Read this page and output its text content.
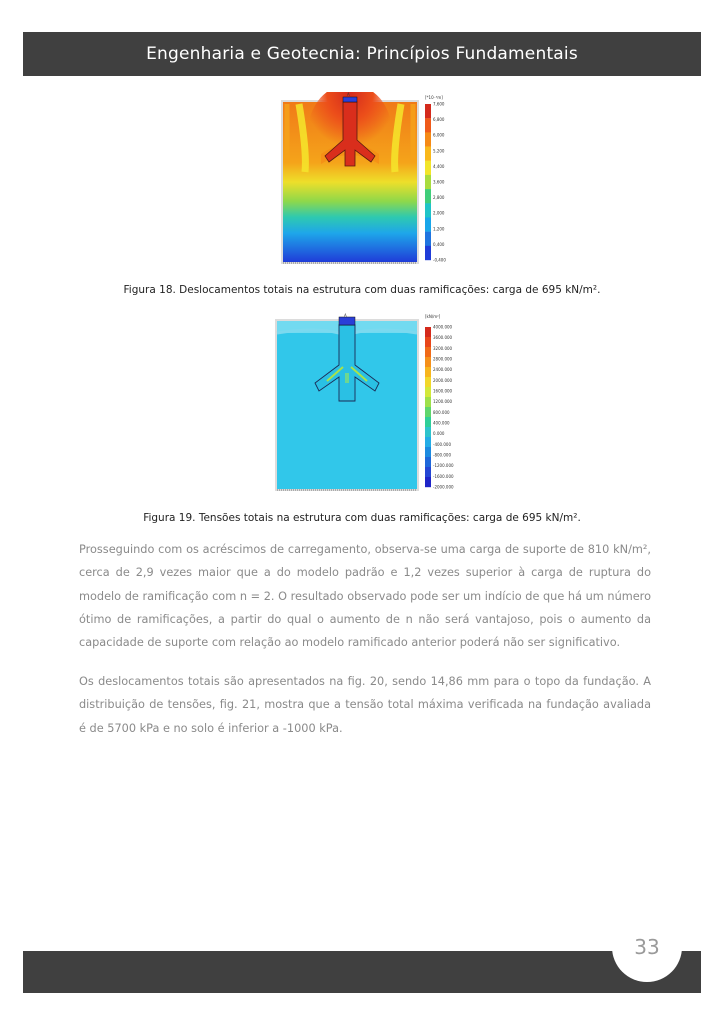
Engenharia e Geotecnia: Princípios Fundamentais
A
[*10⁻³m]
7,600
6,800
6,000
5,200
4,400
3,600
2,800
2,000
1,200
0,400
-0,400
Figura 18. Deslocamentos totais na estrutura com duas ramificações: carga de 695 kN/m².
A	[kN/m²]
4000.000
3600.000
3200.000
2800.000
2400.000
2000.000
1600.000
1200.000
800.000
400.000
0.000
-400.000
-800.000
-1200.000
-1600.000
-2000.000
Figura 19. Tensões totais na estrutura com duas ramificações: carga de 695 kN/m².

Prosseguindo com os acréscimos de carregamento, observa-se uma carga de suporte de 810 kN/m², cerca de 2,9 vezes maior que a do modelo padrão e 1,2 vezes superior à carga de ruptura do modelo de ramificação com n = 2. O resultado observado pode ser um indício de que há um número ótimo de ramificações, a partir do qual o aumento de n não será vantajoso, pois o aumento da capacidade de suporte com relação ao modelo ramificado anterior poderá não ser significativo.

Os deslocamentos totais são apresentados na fig. 20, sendo 14,86 mm para o topo da fundação. A distribuição de tensões, fig. 21, mostra que a tensão total máxima verificada na fundação avaliada é de 5700 kPa e no solo é inferior a -1000 kPa.

33
